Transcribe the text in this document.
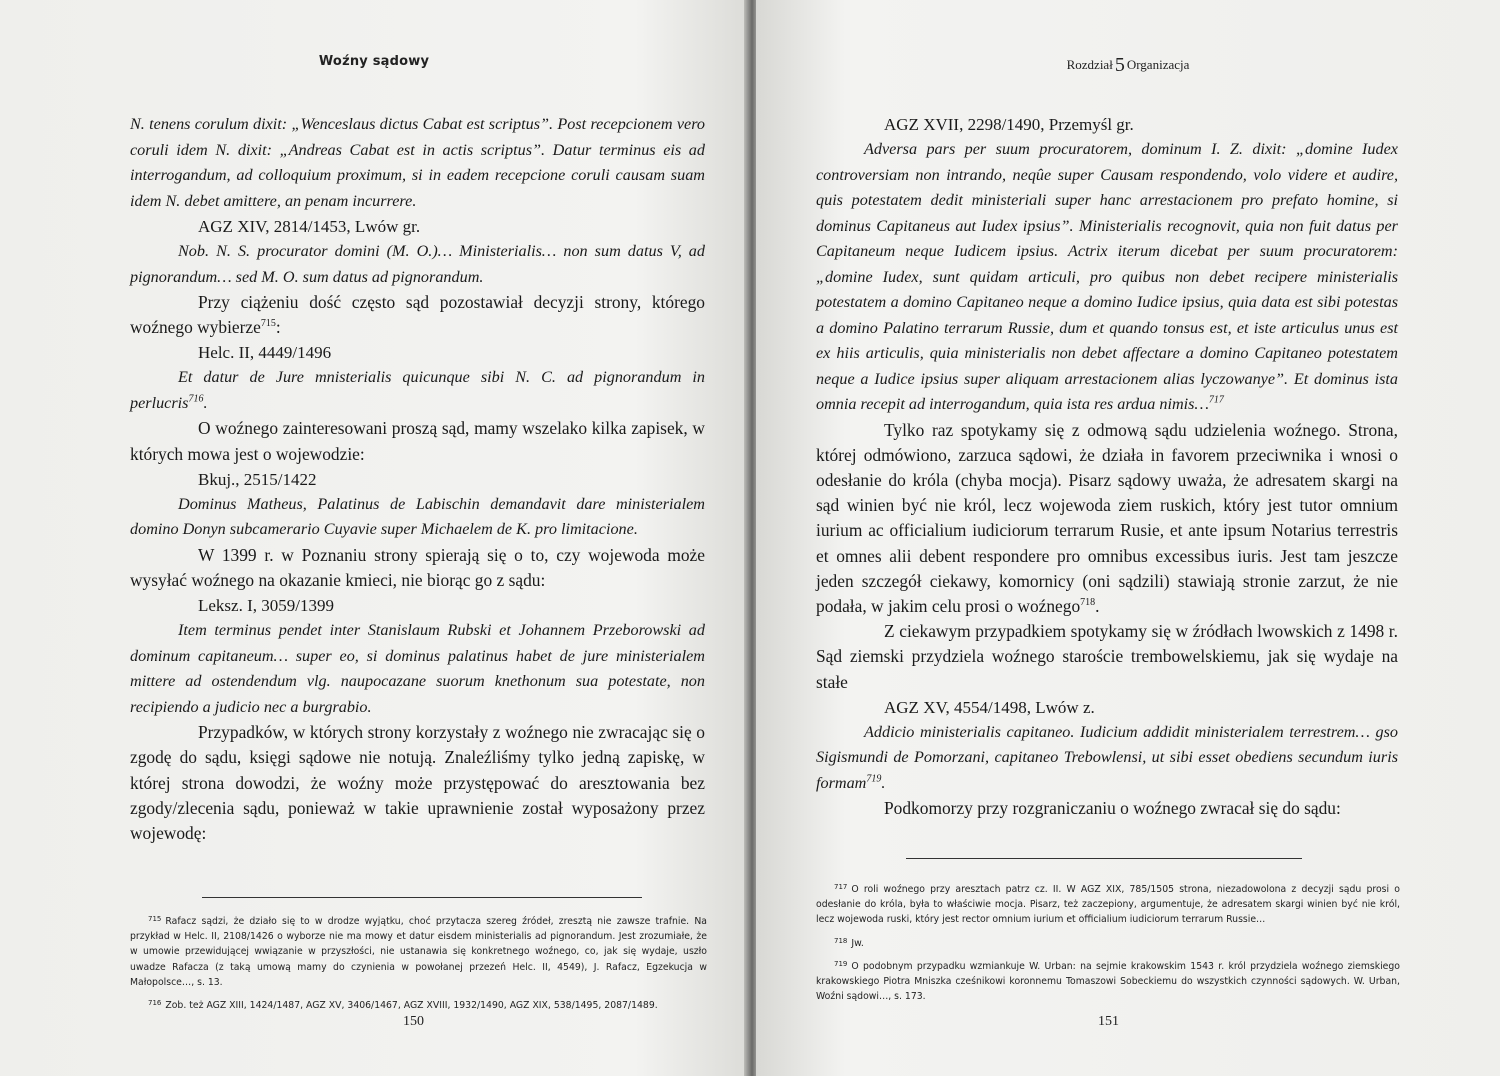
Woźny sądowy

N. tenens corulum dixit: „Wenceslaus dictus Cabat est scriptus”. Post recepcionem vero coruli idem N. dixit: „Andreas Cabat est in actis scriptus”. Datur terminus eis ad interrogandum, ad colloquium proximum, si in eadem recepcione coruli causam suam idem N. debet amittere, an penam incurrere.

AGZ XIV, 2814/1453, Lwów gr.

Nob. N. S. procurator domini (M. O.)… Ministerialis… non sum datus V, ad pignorandum… sed M. O. sum datus ad pignorandum.

Przy ciążeniu dość często sąd pozostawiał decyzji strony, którego woźnego wybierze$^{715}$:

Helc. II, 4449/1496

Et datur de Jure mnisterialis quicunque sibi N. C. ad pignorandum in perlucris$^{716}$.

O woźnego zainteresowani proszą sąd, mamy wszelako kilka zapisek, w których mowa jest o wojewodzie:

Bkuj., 2515/1422

Dominus Matheus, Palatinus de Labischin demandavit dare ministerialem domino Donyn subcamerario Cuyavie super Michaelem de K. pro limitacione.

W 1399 r. w Poznaniu strony spierają się o to, czy wojewoda może wysyłać woźnego na okazanie kmieci, nie biorąc go z sądu:

Leksz. I, 3059/1399

Item terminus pendet inter Stanislaum Rubski et Johannem Przeborowski ad dominum capitaneum… super eo, si dominus palatinus habet de jure ministerialem mittere ad ostendendum vlg. naupocazane suorum knethonum sua potestate, non recipiendo a judicio nec a burgrabio.

Przypadków, w których strony korzystały z woźnego nie zwracając się o zgodę do sądu, księgi sądowe nie notują. Znaleźliśmy tylko jedną zapiskę, w której strona dowodzi, że woźny może przystępować do aresztowania bez zgody/zlecenia sądu, ponieważ w takie uprawnienie został wyposażony przez wojewodę:

$^{715}$ Rafacz sądzi, że działo się to w drodze wyjątku, choć przytacza szereg źródeł, zresztą nie zawsze trafnie. Na przykład w Helc. II, 2108/1426 o wyborze nie ma mowy et datur eisdem ministerialis ad pignorandum. Jest zrozumiałe, że w umowie przewidującej wwiązanie w przyszłości, nie ustanawia się konkretnego woźnego, co, jak się wydaje, uszło uwadze Rafacza (z taką umową mamy do czynienia w powołanej przezeń Helc. II, 4549), J. Rafacz, Egzekucja w Małopolsce…, s. 13.

$^{716}$ Zob. też AGZ XIII, 1424/1487, AGZ XV, 3406/1467, AGZ XVIII, 1932/1490, AGZ XIX, 538/1495, 2087/1489.

150
Rozdział 5 Organizacja

AGZ XVII, 2298/1490, Przemyśl gr.

Adversa pars per suum procuratorem, dominum I. Z. dixit: „domine Iudex controversiam non intrando, neqûe super Causam respondendo, volo videre et audire, quis potestatem dedit ministeriali super hanc arrestacionem pro prefato homine, si dominus Capitaneus aut Iudex ipsius”. Ministerialis recognovit, quia non fuit datus per Capitaneum neque Iudicem ipsius. Actrix iterum dicebat per suum procuratorem: „domine Iudex, sunt quidam articuli, pro quibus non debet recipere ministerialis potestatem a domino Capitaneo neque a domino Iudice ipsius, quia data est sibi potestas a domino Palatino terrarum Russie, dum et quando tonsus est, et iste articulus unus est ex hiis articulis, quia ministerialis non debet affectare a domino Capitaneo potestatem neque a Iudice ipsius super aliquam arrestacionem alias lyczowanye”. Et dominus ista omnia recepit ad interrogandum, quia ista res ardua nimis…$^{717}$

Tylko raz spotykamy się z odmową sądu udzielenia woźnego. Strona, której odmówiono, zarzuca sądowi, że działa in favorem przeciwnika i wnosi o odesłanie do króla (chyba mocja). Pisarz sądowy uważa, że adresatem skargi na sąd winien być nie król, lecz wojewoda ziem ruskich, który jest tutor omnium iurium ac officialium iudiciorum terrarum Rusie, et ante ipsum Notarius terrestris et omnes alii debent respondere pro omnibus excessibus iuris. Jest tam jeszcze jeden szczegół ciekawy, komornicy (oni sądzili) stawiają stronie zarzut, że nie podała, w jakim celu prosi o woźnego$^{718}$.

Z ciekawym przypadkiem spotykamy się w źródłach lwowskich z 1498 r. Sąd ziemski przydziela woźnego staroście trembowelskiemu, jak się wydaje na stałe

AGZ XV, 4554/1498, Lwów z.

Addicio ministerialis capitaneo. Iudicium addidit ministerialem terrestrem… gso Sigismundi de Pomorzani, capitaneo Trebowlensi, ut sibi esset obediens secundum iuris formam$^{719}$.

Podkomorzy przy rozgraniczaniu o woźnego zwracał się do sądu:

$^{717}$ O roli woźnego przy aresztach patrz cz. II. W AGZ XIX, 785/1505 strona, niezadowolona z decyzji sądu prosi o odesłanie do króla, była to właściwie mocja. Pisarz, też zaczepiony, argumentuje, że adresatem skargi winien być nie król, lecz wojewoda ruski, który jest rector omnium iurium et officialium iudiciorum terrarum Russie…

$^{718}$ Jw.

$^{719}$ O podobnym przypadku wzmiankuje W. Urban: na sejmie krakowskim 1543 r. król przydziela woźnego ziemskiego krakowskiego Piotra Mniszka cześnikowi koronnemu Tomaszowi Sobeckiemu do wszystkich czynności sądowych. W. Urban, Woźni sądowi…, s. 173.

151
